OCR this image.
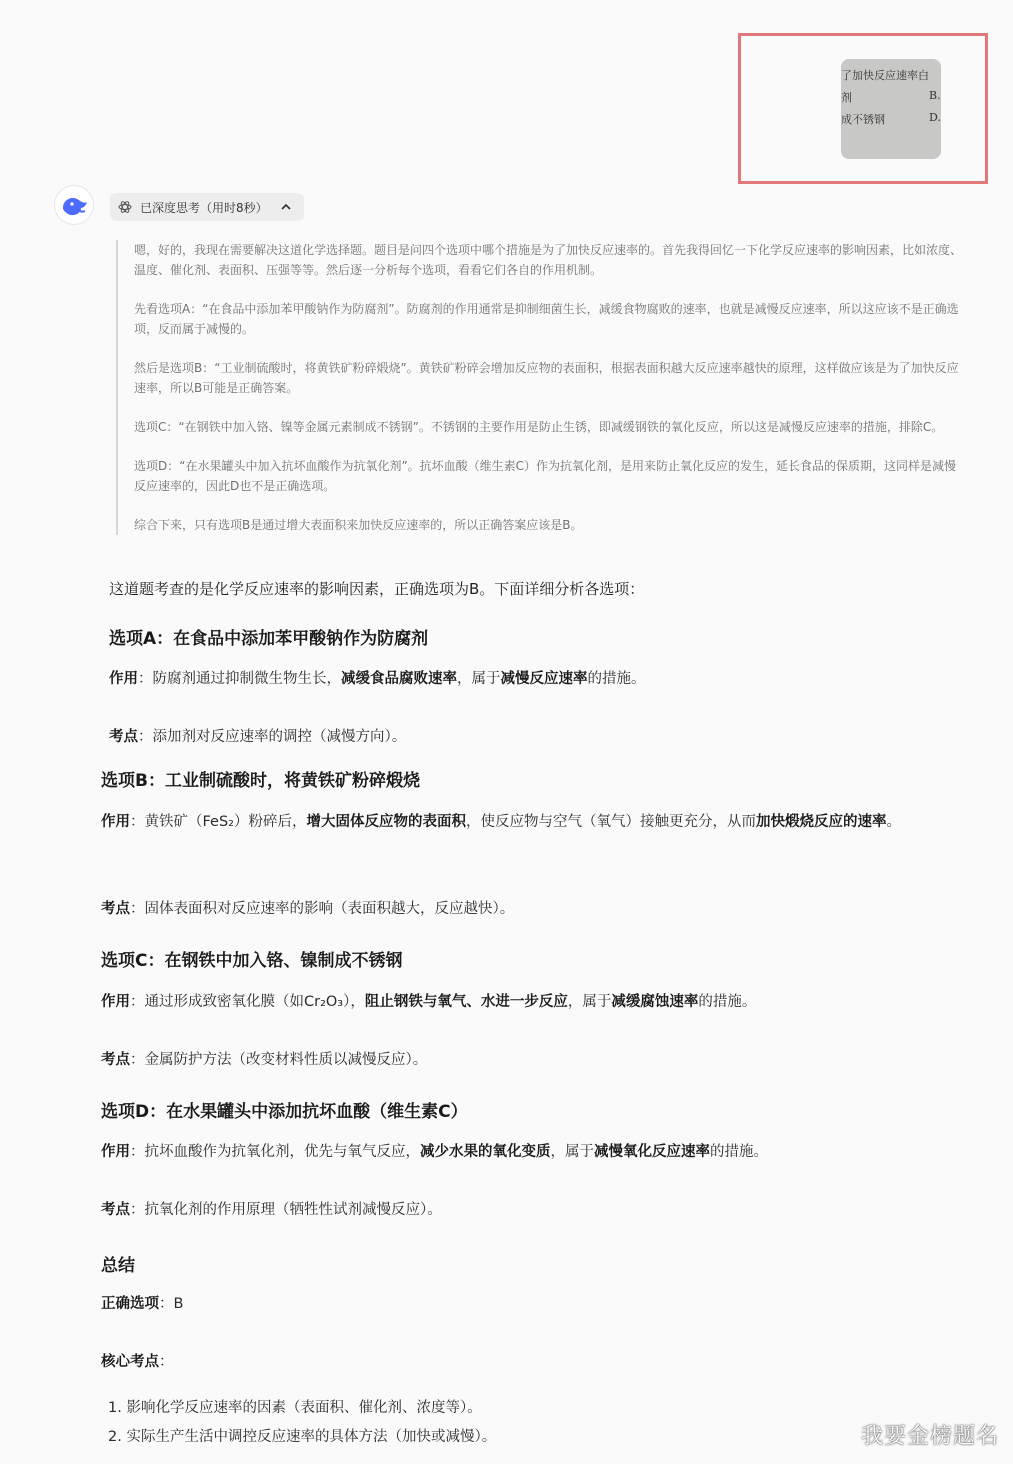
了加快反应速率白
剂
成不锈钢
B.
D.
已深度思考（用时8秒）

嗯，好的，我现在需要解决这道化学选择题。题目是问四个选项中哪个措施是为了加快反应速率的。首先我得回忆一下化学反应速率的影响因素，比如浓度、温度、催化剂、表面积、压强等等。然后逐一分析每个选项，看看它们各自的作用机制。

先看选项A：“在食品中添加苯甲酸钠作为防腐剂”。防腐剂的作用通常是抑制细菌生长，减缓食物腐败的速率，也就是减慢反应速率，所以这应该不是正确选项，反而属于减慢的。

然后是选项B：“工业制硫酸时，将黄铁矿粉碎煅烧”。黄铁矿粉碎会增加反应物的表面积，根据表面积越大反应速率越快的原理，这样做应该是为了加快反应速率，所以B可能是正确答案。

选项C：“在钢铁中加入铬、镍等金属元素制成不锈钢”。不锈钢的主要作用是防止生锈，即减缓钢铁的氧化反应，所以这是减慢反应速率的措施，排除C。

选项D：“在水果罐头中加入抗坏血酸作为抗氧化剂”。抗坏血酸（维生素C）作为抗氧化剂，是用来防止氧化反应的发生，延长食品的保质期，这同样是减慢反应速率的，因此D也不是正确选项。

综合下来，只有选项B是通过增大表面积来加快反应速率的，所以正确答案应该是B。

这道题考查的是化学反应速率的影响因素，正确选项为B。下面详细分析各选项：
选项A：在食品中添加苯甲酸钠作为防腐剂
作用：防腐剂通过抑制微生物生长，减缓食品腐败速率，属于减慢反应速率的措施。
考点：添加剂对反应速率的调控（减慢方向）。
选项B：工业制硫酸时，将黄铁矿粉碎煅烧
作用：黄铁矿（FeS₂）粉碎后，增大固体反应物的表面积，使反应物与空气（氧气）接触更充分，从而加快煅烧反应的速率。
考点：固体表面积对反应速率的影响（表面积越大，反应越快）。
选项C：在钢铁中加入铬、镍制成不锈钢
作用：通过形成致密氧化膜（如Cr₂O₃），阻止钢铁与氧气、水进一步反应，属于减缓腐蚀速率的措施。
考点：金属防护方法（改变材料性质以减慢反应）。
选项D：在水果罐头中添加抗坏血酸（维生素C）
作用：抗坏血酸作为抗氧化剂，优先与氧气反应，减少水果的氧化变质，属于减慢氧化反应速率的措施。
考点：抗氧化剂的作用原理（牺牲性试剂减慢反应）。
总结
正确选项：B
核心考点：
1. 影响化学反应速率的因素（表面积、催化剂、浓度等）。
2. 实际生产生活中调控反应速率的具体方法（加快或减慢）。	我要金榜题名
